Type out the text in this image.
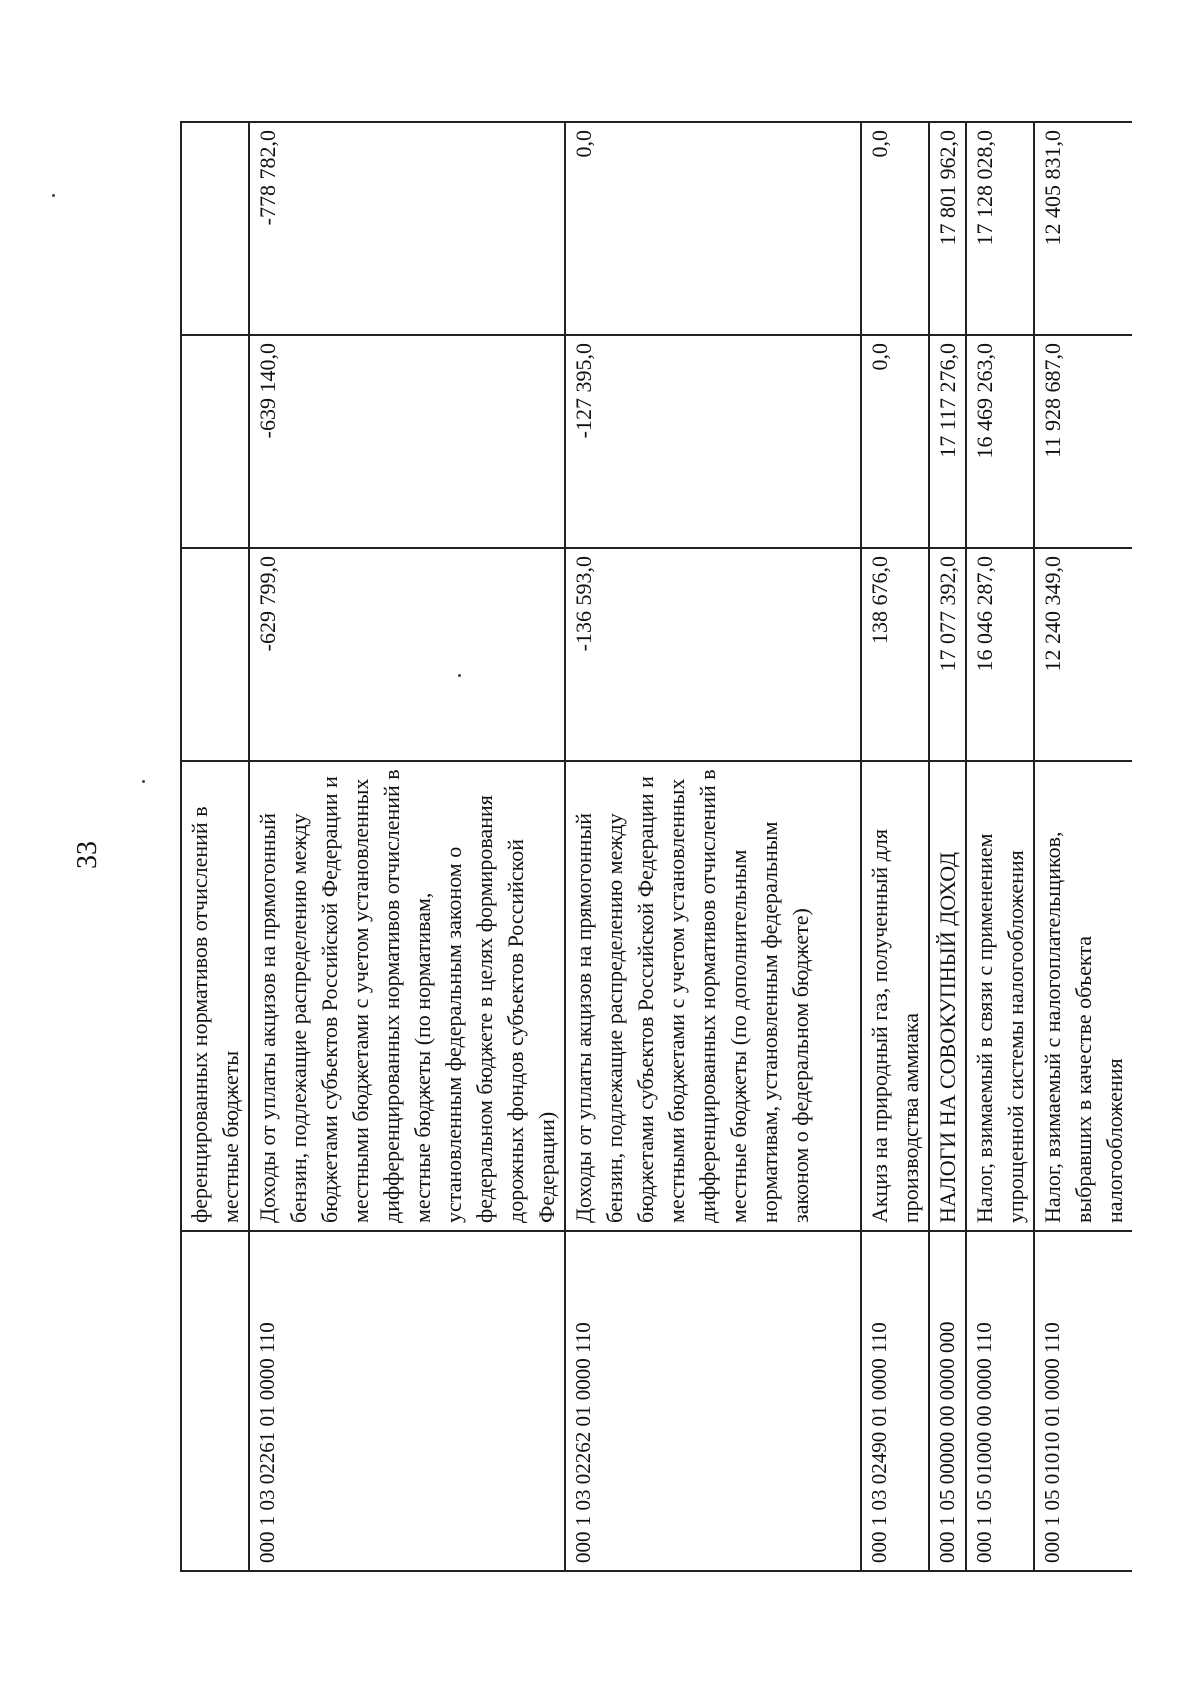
33
		ференцированных нормативов отчислений в местные бюджеты			
000 1 03 02261 01 0000 110	Доходы от уплаты акцизов на прямогонный бензин, подлежащие распределению между бюджетами субъектов Российской Федерации и местными бюджетами с учетом установленных дифференцированных нормативов отчислений в местные бюджеты (по нормативам, установленным федеральным законом о федеральном бюджете в целях формирования дорожных фондов субъектов Российской Федерации)	-629 799,0	-639 140,0	-778 782,0
000 1 03 02262 01 0000 110	Доходы от уплаты акцизов на прямогонный бензин, подлежащие распределению между бюджетами субъектов Российской Федерации и местными бюджетами с учетом установленных дифференцированных нормативов отчислений в местные бюджеты (по дополнительным нормативам, установленным федеральным законом о федеральном бюджете)	-136 593,0	-127 395,0	0,0
000 1 03 02490 01 0000 110	Акциз на природный газ, полученный для производства аммиака	138 676,0	0,0	0,0
000 1 05 00000 00 0000 000	НАЛОГИ НА СОВОКУПНЫЙ ДОХОД	17 077 392,0	17 117 276,0	17 801 962,0
000 1 05 01000 00 0000 110	Налог, взимаемый в связи с применением упрощенной системы налогообложения	16 046 287,0	16 469 263,0	17 128 028,0
000 1 05 01010 01 0000 110	Налог, взимаемый с налогоплательщиков, выбравших в качестве объекта налогообложения	12 240 349,0	11 928 687,0	12 405 831,0
